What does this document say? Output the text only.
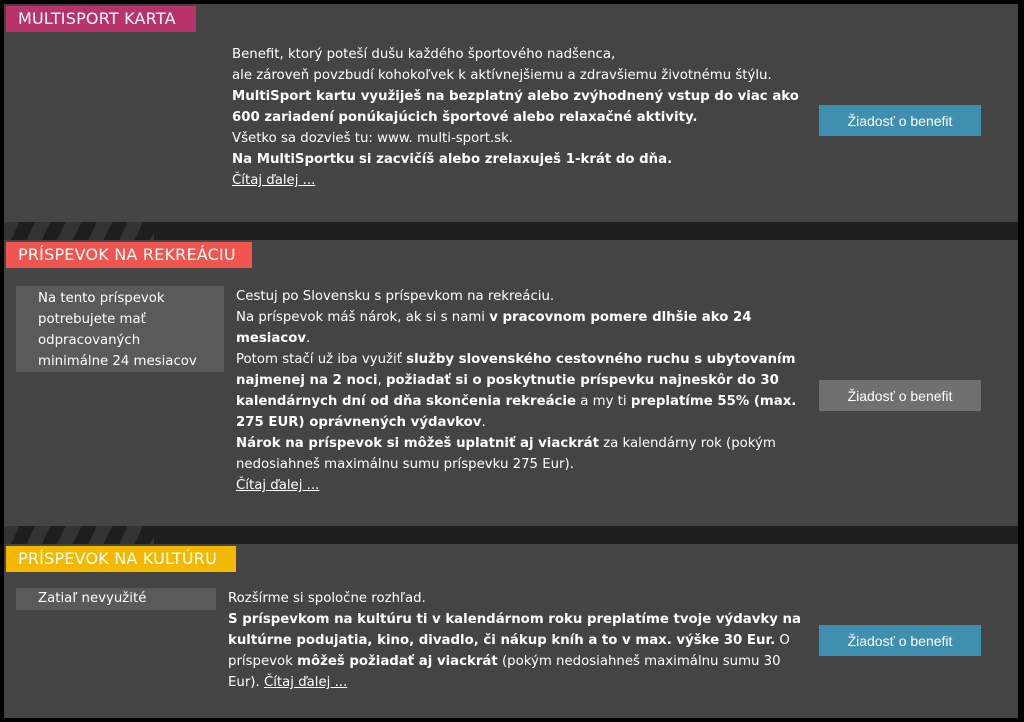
MULTISPORT KARTA
Benefit, ktorý poteší dušu každého športového nadšenca,
ale zároveň povzbudí kohokoľvek k aktívnejšiemu a zdravšiemu životnému štýlu.
MultiSport kartu využiješ na bezplatný alebo zvýhodnený vstup do viac ako
600 zariadení ponúkajúcich športové alebo relaxačné aktivity.
Všetko sa dozvieš tu: www. multi-sport.sk.
Na MultiSportku si zacvičíš alebo zrelaxuješ 1-krát do dňa.
Čítaj ďalej ...
Žiadosť o benefit
PRÍSPEVOK NA REKREÁCIU
Na tento príspevok
potrebujete mať
odpracovaných
minimálne 24 mesiacov
Cestuj po Slovensku s príspevkom na rekreáciu.
Na príspevok máš nárok, ak si s nami v pracovnom pomere dlhšie ako 24
mesiacov.
Potom stačí už iba využiť služby slovenského cestovného ruchu s ubytovaním
najmenej na 2 noci, požiadať si o poskytnutie príspevku najneskôr do 30
kalendárnych dní od dňa skončenia rekreácie a my ti preplatíme 55% (max.
275 EUR) oprávnených výdavkov.
Nárok na príspevok si môžeš uplatniť aj viackrát za kalendárny rok (pokým
nedosiahneš maximálnu sumu príspevku 275 Eur).
Čítaj ďalej ...
Žiadosť o benefit
PRÍSPEVOK NA KULTÚRU
Zatiaľ nevyužité	Rozšírme si spoločne rozhľad.
S príspevkom na kultúru ti v kalendárnom roku preplatíme tvoje výdavky na
kultúrne podujatia, kino, divadlo, či nákup kníh a to v max. výške 30 Eur. O
príspevok môžeš požiadať aj viackrát (pokým nedosiahneš maximálnu sumu 30
Eur). Čítaj ďalej ...
Žiadosť o benefit
